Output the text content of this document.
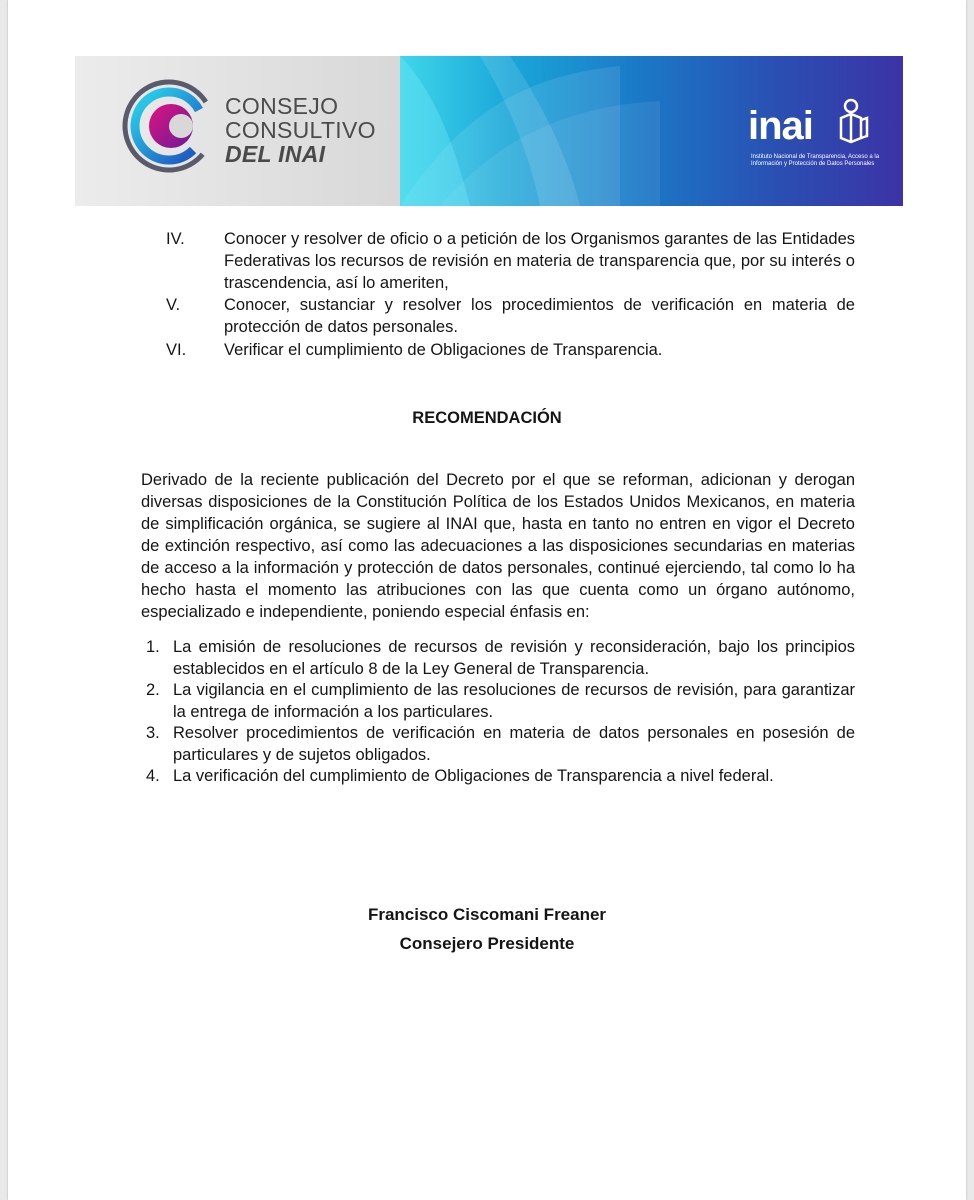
CONSEJO
CONSULTIVO
DEL INAI
inai
Instituto Nacional de Transparencia, Acceso a la Información y Protección de Datos Personales
IV. Conocer y resolver de oficio o a petición de los Organismos garantes de las Entidades Federativas los recursos de revisión en materia de transparencia que, por su interés o trascendencia, así lo ameriten,
V.	Conocer, sustanciar y resolver los procedimientos de verificación en materia de protección de datos personales.
VI. Verificar el cumplimiento de Obligaciones de Transparencia.
RECOMENDACIÓN
Derivado de la reciente publicación del Decreto por el que se reforman, adicionan y derogan diversas disposiciones de la Constitución Política de los Estados Unidos Mexicanos, en materia de simplificación orgánica, se sugiere al INAI que, hasta en tanto no entren en vigor el Decreto de extinción respectivo, así como las adecuaciones a las disposiciones secundarias en materias de acceso a la información y protección de datos personales, continué ejerciendo, tal como lo ha hecho hasta el momento las atribuciones con las que cuenta como un órgano autónomo, especializado e independiente, poniendo especial énfasis en:
1. La emisión de resoluciones de recursos de revisión y reconsideración, bajo los principios establecidos en el artículo 8 de la Ley General de Transparencia.
2. La vigilancia en el cumplimiento de las resoluciones de recursos de revisión, para garantizar la entrega de información a los particulares.
3. Resolver procedimientos de verificación en materia de datos personales en posesión de particulares y de sujetos obligados.
4. La verificación del cumplimiento de Obligaciones de Transparencia a nivel federal.
Francisco Ciscomani Freaner
Consejero Presidente
